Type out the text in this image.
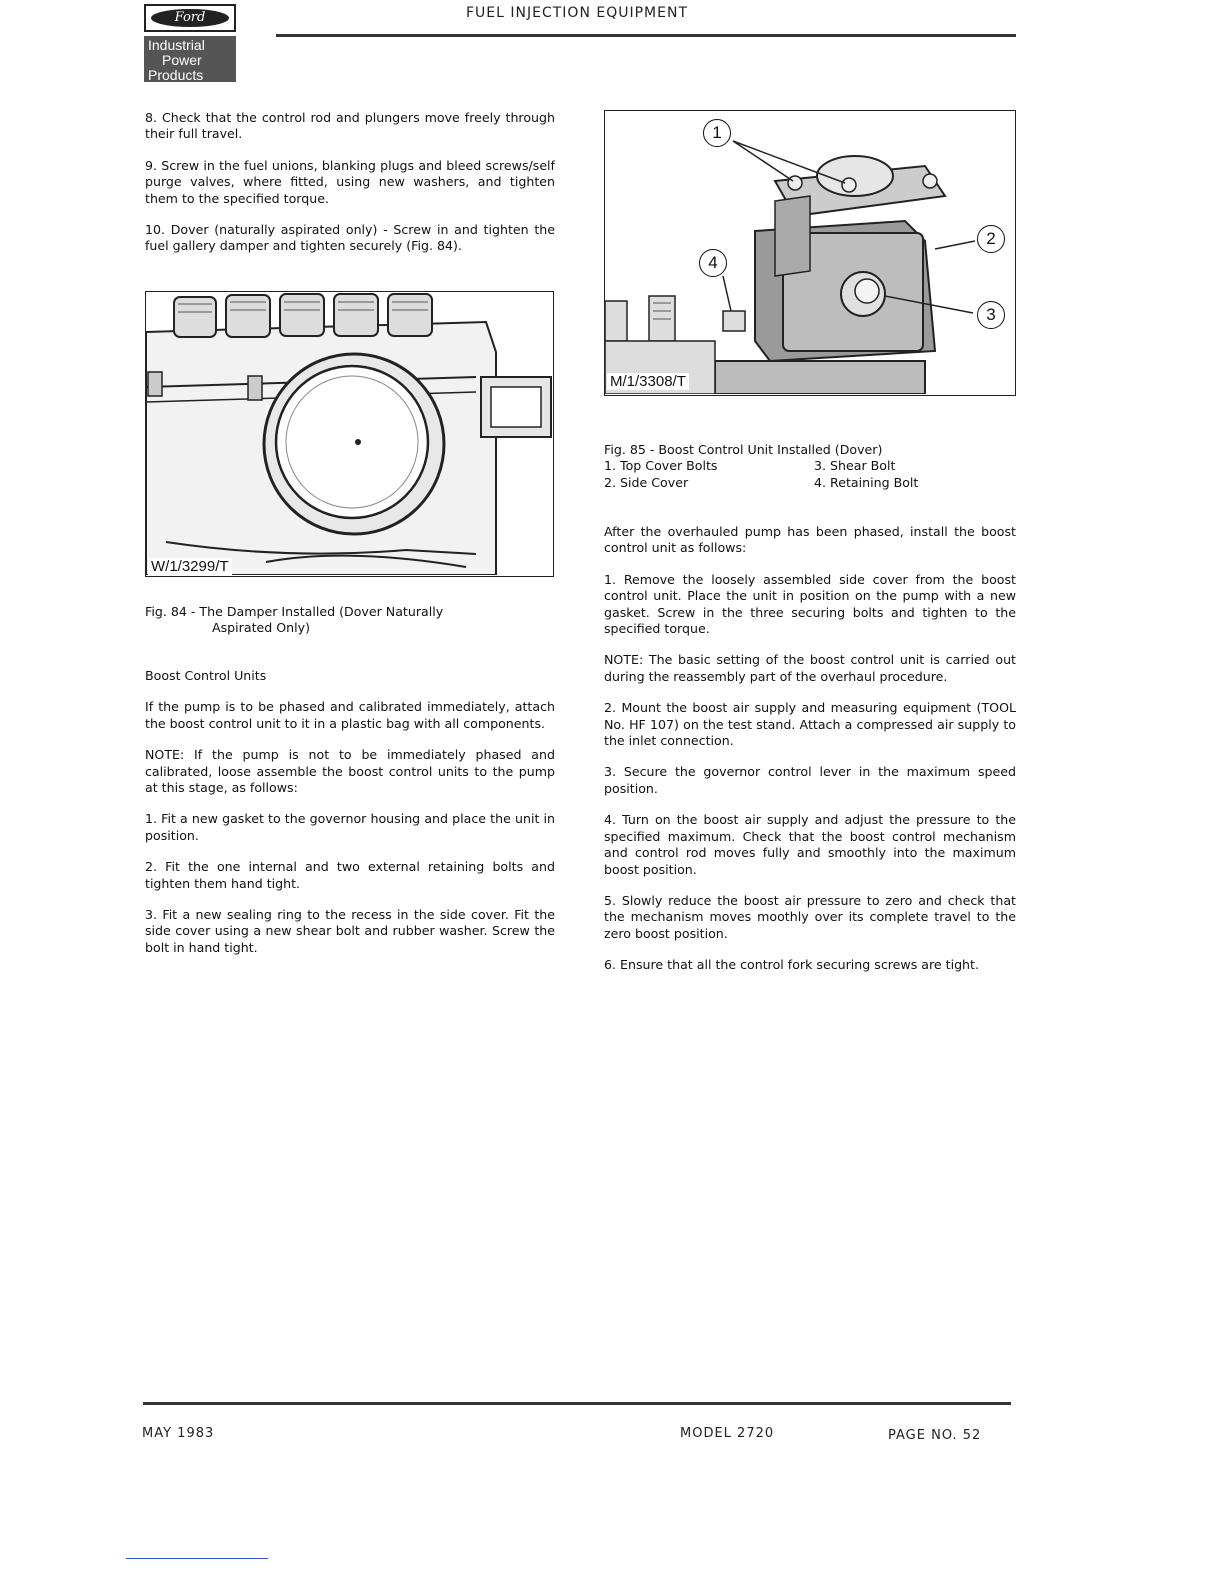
Ford
Industrial
Power
Products
FUEL INJECTION EQUIPMENT

8. Check that the control rod and plungers move freely through their full travel.

9. Screw in the fuel unions, blanking plugs and bleed screws/self purge valves, where fitted, using new washers, and tighten them to the specified torque.

10. Dover (naturally aspirated only) - Screw in and tighten the fuel gallery damper and tighten securely (Fig. 84).

W/1/3299/T
Fig. 84 - The Damper Installed (Dover Naturally
Aspirated Only)

Boost Control Units

If the pump is to be phased and calibrated immediately, attach the boost control unit to it in a plastic bag with all components.

NOTE: If the pump is not to be immediately phased and calibrated, loose assemble the boost control units to the pump at this stage, as follows:

1. Fit a new gasket to the governor housing and place the unit in position.

2. Fit the one internal and two external retaining bolts and tighten them hand tight.

3. Fit a new sealing ring to the recess in the side cover. Fit the side cover using a new shear bolt and rubber washer. Screw the bolt in hand tight.

1
2
3
4
M/1/3308/T
Fig. 85 - Boost Control Unit Installed (Dover)
1. Top Cover Bolts	3. Shear Bolt
2. Side Cover	4. Retaining Bolt

After the overhauled pump has been phased, install the boost control unit as follows:

1. Remove the loosely assembled side cover from the boost control unit. Place the unit in position on the pump with a new gasket. Screw in the three securing bolts and tighten to the specified torque.

NOTE: The basic setting of the boost control unit is carried out during the reassembly part of the overhaul procedure.

2. Mount the boost air supply and measuring equipment (TOOL No. HF 107) on the test stand. Attach a compressed air supply to the inlet connection.

3. Secure the governor control lever in the maximum speed position.

4. Turn on the boost air supply and adjust the pressure to the specified maximum. Check that the boost control mechanism and control rod moves fully and smoothly into the maximum boost position.

5. Slowly reduce the boost air pressure to zero and check that the mechanism moves moothly over its complete travel to the zero boost position.

6. Ensure that all the control fork securing screws are tight.

MAY 1983	MODEL 2720	PAGE NO. 52
